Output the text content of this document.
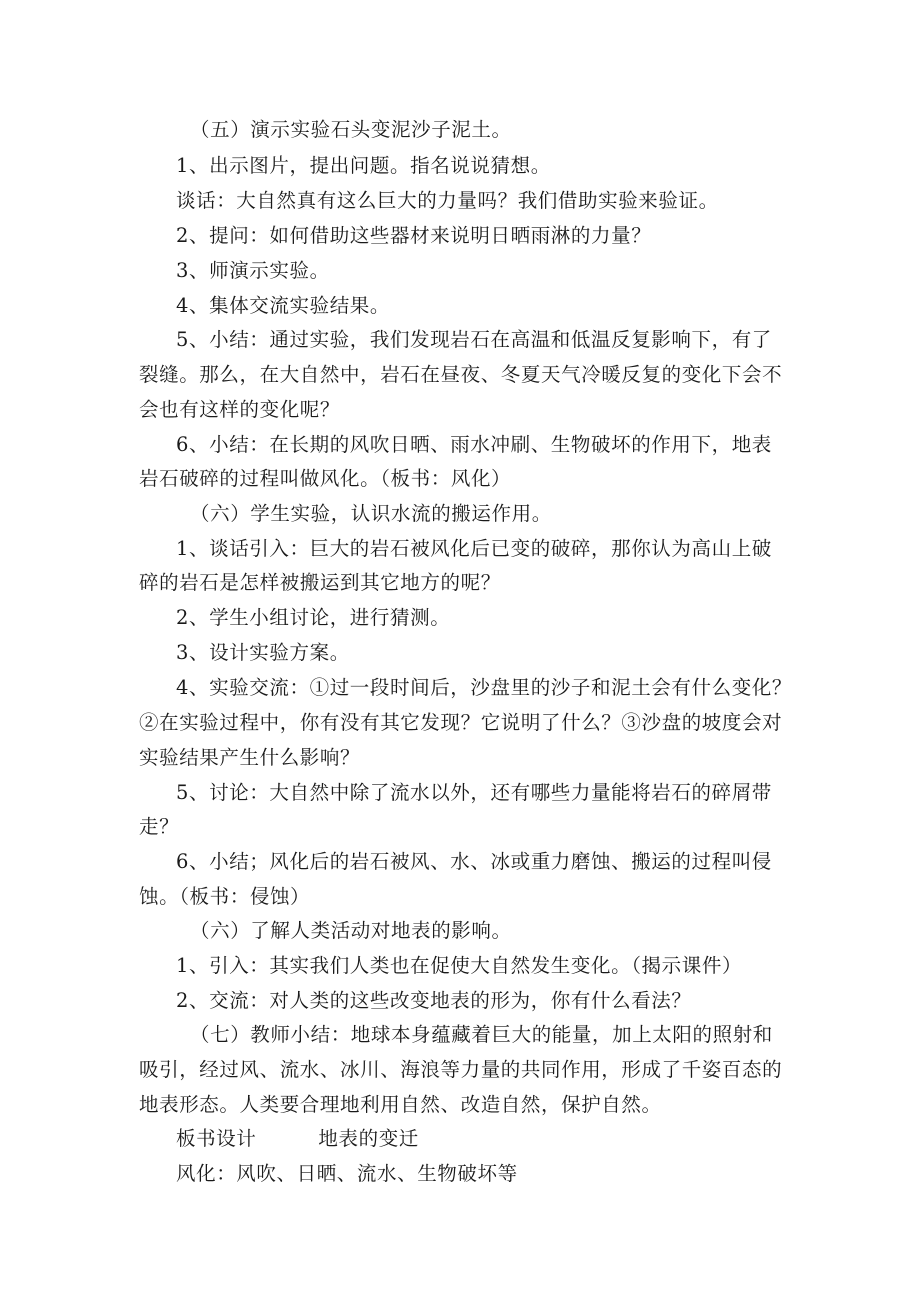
（五）演示实验石头变泥沙子泥土。
1、出示图片，提出问题。指名说说猜想。
谈话：大自然真有这么巨大的力量吗？我们借助实验来验证。
2、提问：如何借助这些器材来说明日晒雨淋的力量？
3、师演示实验。
4、集体交流实验结果。
5、小结：通过实验，我们发现岩石在高温和低温反复影响下，有了
裂缝。那么，在大自然中，岩石在昼夜、冬夏天气冷暖反复的变化下会不
会也有这样的变化呢？
6、小结：在长期的风吹日晒、雨水冲刷、生物破坏的作用下，地表
岩石破碎的过程叫做风化。（板书：风化）
（六）学生实验，认识水流的搬运作用。
1、谈话引入：巨大的岩石被风化后已变的破碎，那你认为高山上破
碎的岩石是怎样被搬运到其它地方的呢？
2、学生小组讨论，进行猜测。
3、设计实验方案。
4、实验交流：①过一段时间后，沙盘里的沙子和泥土会有什么变化？
②在实验过程中，你有没有其它发现？它说明了什么？③沙盘的坡度会对
实验结果产生什么影响？
5、讨论：大自然中除了流水以外，还有哪些力量能将岩石的碎屑带
走？
6、小结；风化后的岩石被风、水、冰或重力磨蚀、搬运的过程叫侵
蚀。（板书：侵蚀）
（六）了解人类活动对地表的影响。
1、引入：其实我们人类也在促使大自然发生变化。（揭示课件）
2、交流：对人类的这些改变地表的形为，你有什么看法？
（七）教师小结：地球本身蕴藏着巨大的能量，加上太阳的照射和
吸引，经过风、流水、冰川、海浪等力量的共同作用，形成了千姿百态的
地表形态。人类要合理地利用自然、改造自然，保护自然。
板书设计	地表的变迁
风化：风吹、日晒、流水、生物破坏等
